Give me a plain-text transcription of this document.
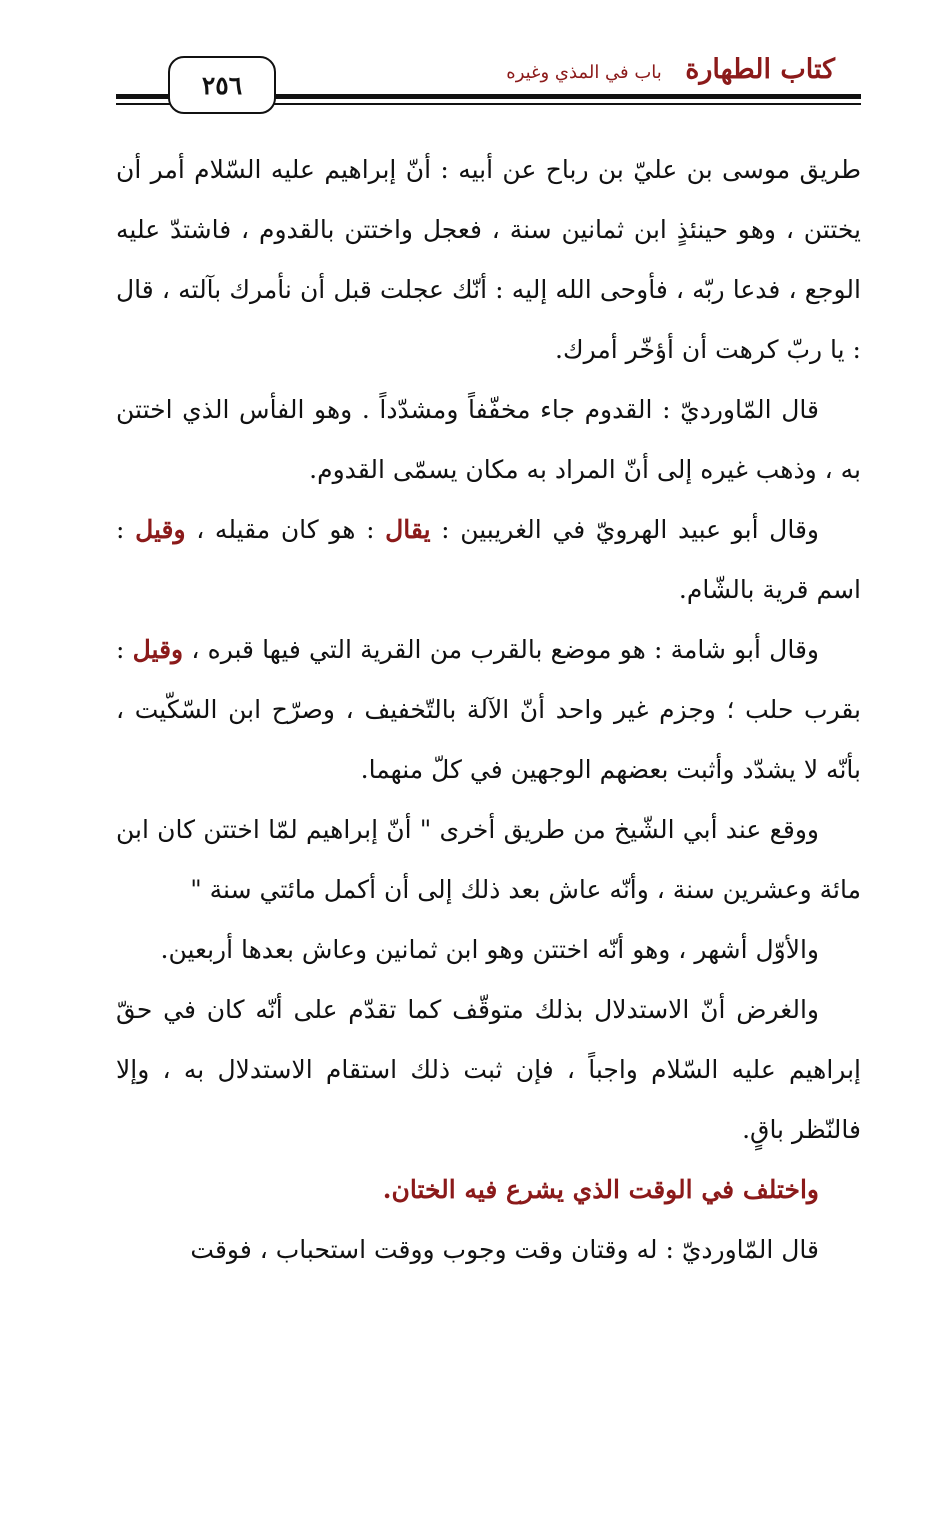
كتاب الطهارة باب في المذي وغيره
٢٥٦

طريق موسى بن عليّ بن رباح عن أبيه : أنّ إبراهيم عليه السّلام أمر أن يختتن ، وهو حينئذٍ ابن ثمانين سنة ، فعجل واختتن بالقدوم ، فاشتدّ عليه الوجع ، فدعا ربّه ، فأوحى الله إليه : أنّك عجلت قبل أن نأمرك بآلته ، قال : يا ربّ كرهت أن أؤخّر أمرك.

قال المّاورديّ : القدوم جاء مخفّفاً ومشدّداً . وهو الفأس الذي اختتن به ، وذهب غيره إلى أنّ المراد به مكان يسمّى القدوم.

وقال أبو عبيد الهرويّ في الغريبين : يقال : هو كان مقيله ، وقيل : اسم قرية بالشّام.

وقال أبو شامة : هو موضع بالقرب من القرية التي فيها قبره ، وقيل : بقرب حلب ؛ وجزم غير واحد أنّ الآلة بالتّخفيف ، وصرّح ابن السّكّيت ، بأنّه لا يشدّد وأثبت بعضهم الوجهين في كلّ منهما.

ووقع عند أبي الشّيخ من طريق أخرى " أنّ إبراهيم لمّا اختتن كان ابن مائة وعشرين سنة ، وأنّه عاش بعد ذلك إلى أن أكمل مائتي سنة "

والأوّل أشهر ، وهو أنّه اختتن وهو ابن ثمانين وعاش بعدها أربعين.

والغرض أنّ الاستدلال بذلك متوقّف كما تقدّم على أنّه كان في حقّ إبراهيم عليه السّلام واجباً ، فإن ثبت ذلك استقام الاستدلال به ، وإلا فالنّظر باقٍ.

واختلف في الوقت الذي يشرع فيه الختان.

قال المّاورديّ : له وقتان وقت وجوب ووقت استحباب ، فوقت
